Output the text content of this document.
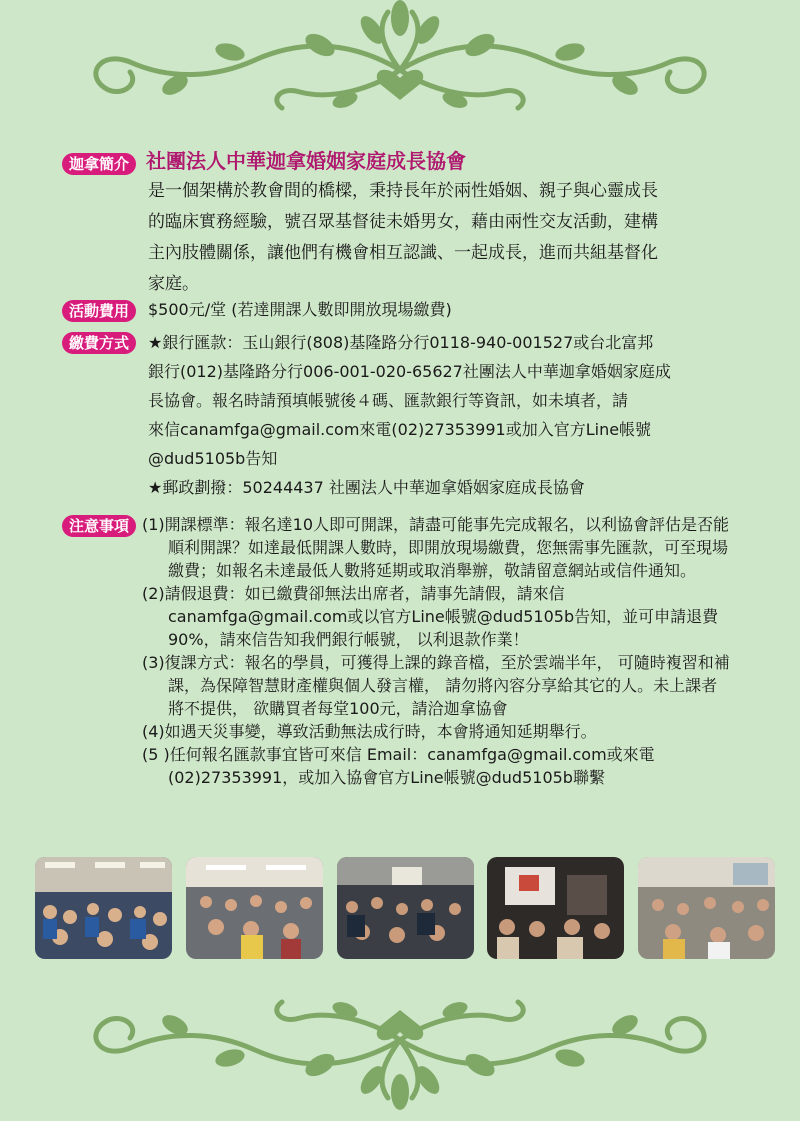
迦拿簡介 社團法人中華迦拿婚姻家庭成長協會
是一個架構於教會間的橋樑，秉持長年於兩性婚姻、親子與心靈成長
的臨床實務經驗，號召眾基督徒未婚男女，藉由兩性交友活動，建構
主內肢體關係，讓他們有機會相互認識、一起成長，進而共組基督化
家庭。
活動費用	$500元/堂 (若達開課人數即開放現場繳費)
繳費方式	★銀行匯款：玉山銀行(808)基隆路分行0118-940-001527或台北富邦
銀行(012)基隆路分行006-001-020-65627社團法人中華迦拿婚姻家庭成
長協會。報名時請預填帳號後４碼、匯款銀行等資訊，如未填者，請
來信canamfga@gmail.com來電(02)27353991或加入官方Line帳號
@dud5105b告知
★郵政劃撥：50244437 社團法人中華迦拿婚姻家庭成長協會
注意事項 (1)開課標準：報名達10人即可開課，請盡可能事先完成報名，以利協會評估是否能順利開課？如達最低開課人數時，即開放現場繳費，您無需事先匯款，可至現場繳費；如報名未達最低人數將延期或取消舉辦，敬請留意網站或信件通知。
(2)請假退費：如已繳費卻無法出席者，請事先請假，請來信canamfga@gmail.com或以官方Line帳號@dud5105b告知，並可申請退費90%，請來信告知我們銀行帳號， 以利退款作業！
(3)復課方式：報名的學員，可獲得上課的錄音檔，至於雲端半年， 可隨時複習和補課，為保障智慧財產權與個人發言權， 請勿將內容分享給其它的人。未上課者將不提供， 欲購買者每堂100元，請洽迦拿協會
(4)如遇天災事變，導致活動無法成行時，本會將通知延期舉行。
(5 )任何報名匯款事宜皆可來信 Email：canamfga@gmail.com或來電(02)27353991，或加入協會官方Line帳號@dud5105b聯繫
